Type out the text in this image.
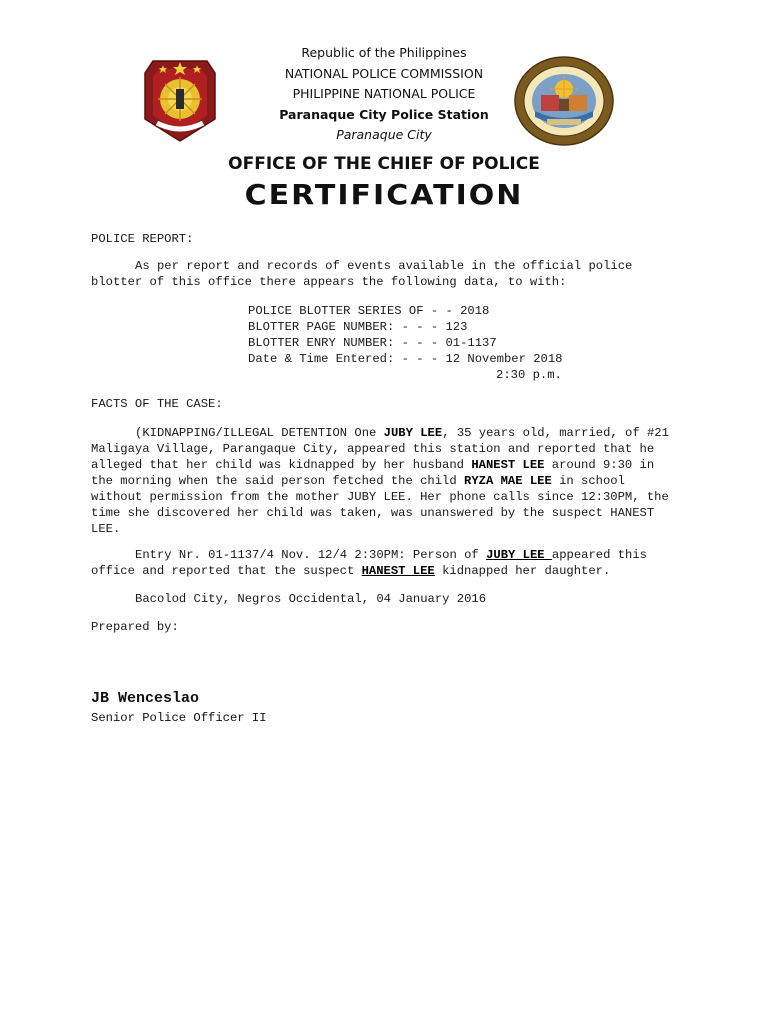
Republic of the Philippines
NATIONAL POLICE COMMISSION
PHILIPPINE NATIONAL POLICE
Paranaque City Police Station
Paranaque City
OFFICE OF THE CHIEF OF POLICE
CERTIFICATION

POLICE REPORT:

As per report and records of events available in the official police blotter of this office there appears the following data, to with:

POLICE BLOTTER SERIES OF - - 2018
BLOTTER PAGE NUMBER: - - - 123
BLOTTER ENRY NUMBER: - - - 01-1137
Date & Time Entered: - - - 12 November 2018
2:30 p.m.

FACTS OF THE CASE:

(KIDNAPPING/ILLEGAL DETENTION One JUBY LEE, 35 years old, married, of #21 Maligaya Village, Parangaque City, appeared this station and reported that he alleged that her child was kidnapped by her husband HANEST LEE around 9:30 in the morning when the said person fetched the child RYZA MAE LEE in school without permission from the mother JUBY LEE. Her phone calls since 12:30PM, the time she discovered her child was taken, was unanswered by the suspect HANEST LEE.

Entry Nr. 01-1137/4 Nov. 12/4 2:30PM: Person of JUBY LEE appeared this office and reported that the suspect HANEST LEE kidnapped her daughter.

Bacolod City, Negros Occidental, 04 January 2016

Prepared by:

JB Wenceslao
Senior Police Officer II
